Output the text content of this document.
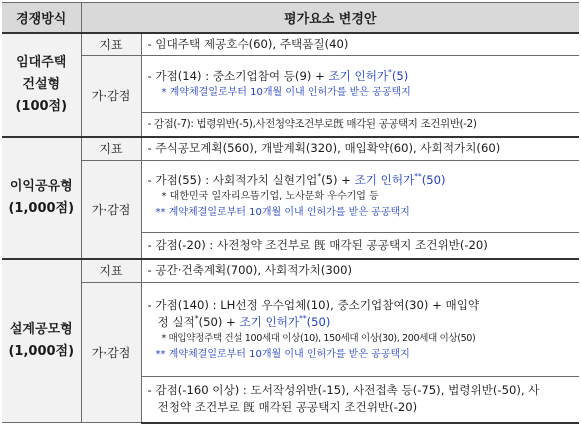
경쟁방식	평가요소 변경안	

임대주택
건설형
(100점)	지표	- 임대주택 제공호수(60), 주택품질(40)
	가·감점	- 가점(14) : 중소기업참여 등(9) + 조기 인허가*(5)
* 계약체결일로부터 10개월 이내 인허가를 받은 공공택지

		- 감점(-7): 법령위반(-5),사전청약조건부로旣 매각된 공공택지 조건위반(-2)

이익공유형
(1,000점)	지표	- 주식공모계획(560), 개발계획(320), 매입확약(60), 사회적가치(60)
	가·감점	- 가점(55) : 사회적가치 실현기업*(5) + 조기 인허가**(50)
* 대한민국 일자리으뜸기업, 노사문화 우수기업 등
** 계약체결일로부터 10개월 이내 인허가를 받은 공공택지

		- 감점(-20) : 사전청약 조건부로 旣 매각된 공공택지 조건위반(-20)

설계공모형
(1,000점)	지표	- 공간·건축계획(700), 사회적가치(300)
	가·감점	- 가점(140) : LH선정 우수업체(10), 중소기업참여(30) + 매입약
정 실적*(50) + 조기 인허가**(50)
* 매입약정주택 건설 100세대 이상(10), 150세대 이상(30), 200세대 이상(50)
** 계약체결일로부터 10개월 이내 인허가를 받은 공공택지

		- 감점(-160 이상) : 도서작성위반(-15), 사전접촉 등(-75), 법령위반(-50), 사
전청약 조건부로 旣 매각된 공공택지 조건위반(-20)
